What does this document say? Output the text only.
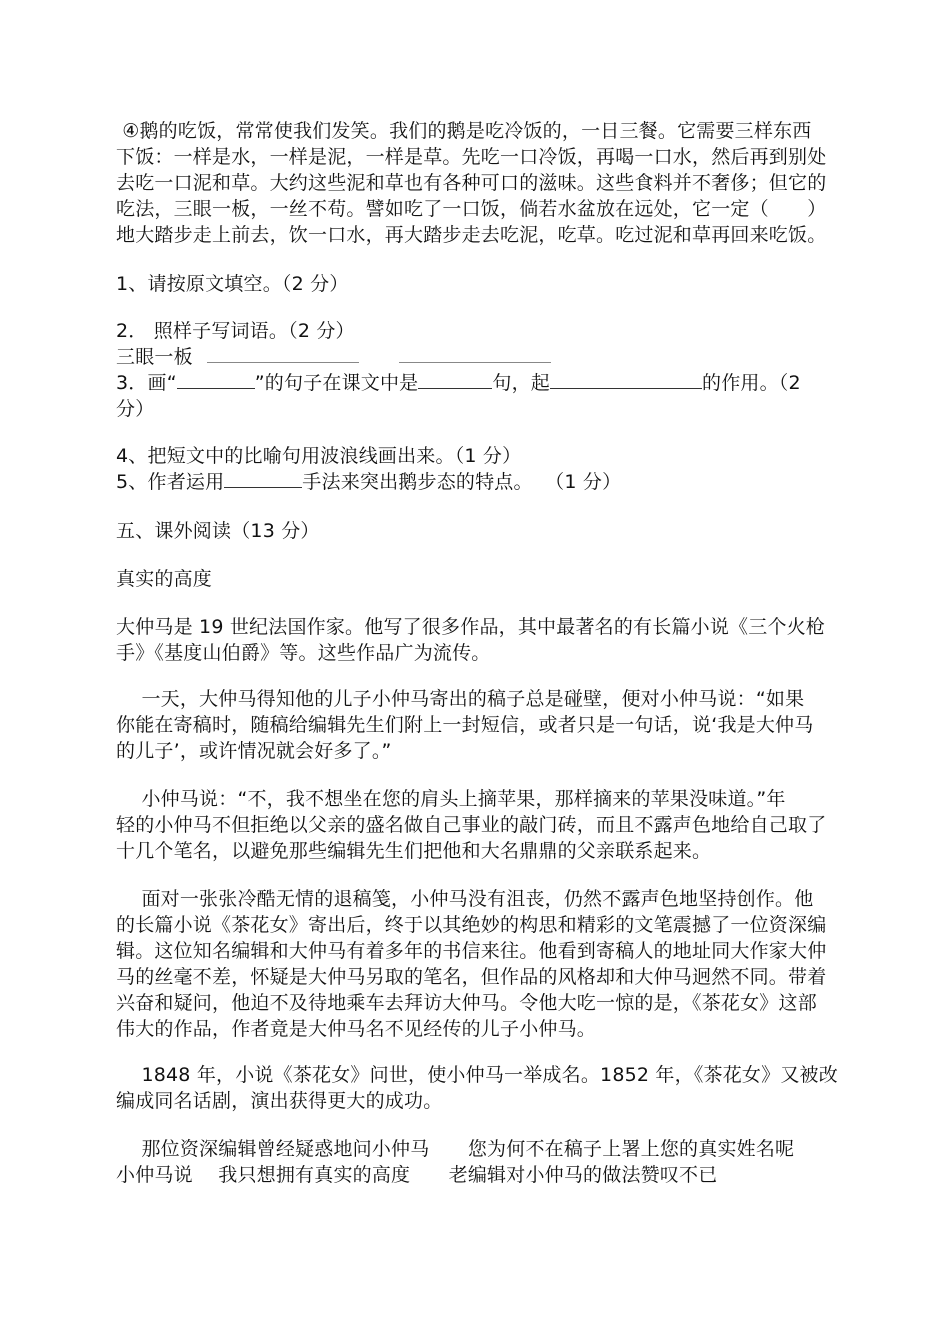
④鹅的吃饭，常常使我们发笑。我们的鹅是吃冷饭的，一日三餐。它需要三样东西
下饭：一样是水，一样是泥，一样是草。先吃一口冷饭，再喝一口水，然后再到别处
去吃一口泥和草。大约这些泥和草也有各种可口的滋味。这些食料并不奢侈；但它的
吃法，三眼一板，一丝不苟。譬如吃了一口饭，倘若水盆放在远处，它一定（　　）
地大踏步走上前去，饮一口水，再大踏步走去吃泥，吃草。吃过泥和草再回来吃饭。
1、请按原文填空。（2 分）
2． 照样子写词语。（2 分）
三眼一板
3．画“	”的句子在课文中是	句，起	的作用。（2
分）
4、把短文中的比喻句用波浪线画出来。（1 分）
5、作者运用	手法来突出鹅步态的特点。  （1 分）
五、课外阅读（13 分）
真实的高度
大仲马是 19 世纪法国作家。他写了很多作品，其中最著名的有长篇小说《三个火枪
手》《基度山伯爵》等。这些作品广为流传。
　 一天，大仲马得知他的儿子小仲马寄出的稿子总是碰壁，便对小仲马说：“如果
你能在寄稿时，随稿给编辑先生们附上一封短信，或者只是一句话，说‘我是大仲马
的儿子’，或许情况就会好多了。”
　 小仲马说：“不，我不想坐在您的肩头上摘苹果，那样摘来的苹果没味道。”年
轻的小仲马不但拒绝以父亲的盛名做自己事业的敲门砖，而且不露声色地给自己取了
十几个笔名，以避免那些编辑先生们把他和大名鼎鼎的父亲联系起来。
　 面对一张张冷酷无情的退稿笺，小仲马没有沮丧，仍然不露声色地坚持创作。他
的长篇小说《茶花女》寄出后，终于以其绝妙的构思和精彩的文笔震撼了一位资深编
辑。这位知名编辑和大仲马有着多年的书信来往。他看到寄稿人的地址同大作家大仲
马的丝毫不差，怀疑是大仲马另取的笔名，但作品的风格却和大仲马迥然不同。带着
兴奋和疑问，他迫不及待地乘车去拜访大仲马。令他大吃一惊的是，《茶花女》这部
伟大的作品，作者竟是大仲马名不见经传的儿子小仲马。
　 1848 年，小说《茶花女》问世，使小仲马一举成名。1852 年，《茶花女》又被改
编成同名话剧，演出获得更大的成功。
　 那位资深编辑曾经疑惑地问小仲马　　您为何不在稿子上署上您的真实姓名呢
小仲马说　 我只想拥有真实的高度　　老编辑对小仲马的做法赞叹不已
